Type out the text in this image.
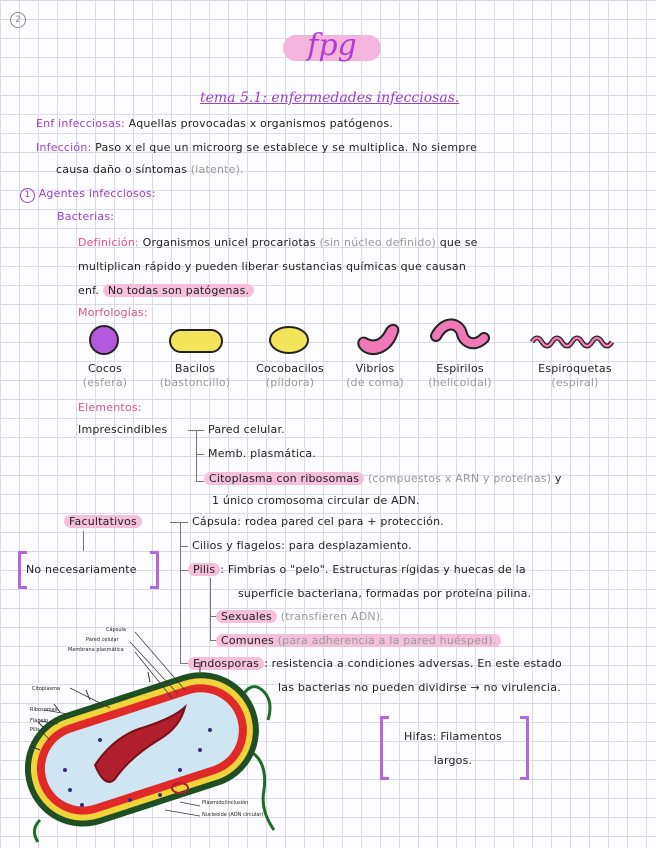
2
fpg
tema 5.1: enfermedades infecciosas.
Enf infecciosas: Aquellas provocadas x organismos patógenos.
Infección: Paso x el que un microorg se establece y se multiplica. No siempre
causa daño o síntomas (latente).
1 Agentes infecciosos:
Bacterias:
Definición: Organismos unicel procariotas (sin núcleo definido) que se
multiplican rápido y pueden liberar sustancias químicas que causan
enf. No todas son patógenas.
Morfologías:
Cocos
(esfera)
Bacilos
(bastoncillo)
Cocobacilos
(píldora)
Vibrios
(de coma)
Espirilos
(helicoidal)
Espiroquetas
(espiral)
Elementos:
Imprescindibles	Pared celular.
Memb. plasmática.
Citoplasma con ribosomas (compuestos x ARN y proteínas) y
1 único cromosoma circular de ADN.
Facultativos
No necesariamente
Cápsula: rodea pared cel para + protección.
Cilios y flagelos: para desplazamiento.
Pilis : Fimbrias o "pelo". Estructuras rígidas y huecas de la
superficie bacteriana, formadas por proteína pilina.
Sexuales (transfieren ADN).
Comunes (para adherencia a la pared huésped).
Endosporas : resistencia a condiciones adversas. En este estado
las bacterias no pueden dividirse → no virulencia.
Hifas: Filamentos
largos.
Cápsula
Pared celular
Membrana plasmática
Citoplasma
Ribosomas
Flagelo
Pilis
Plásmido/inclusión
Nucleoide (ADN circular)
